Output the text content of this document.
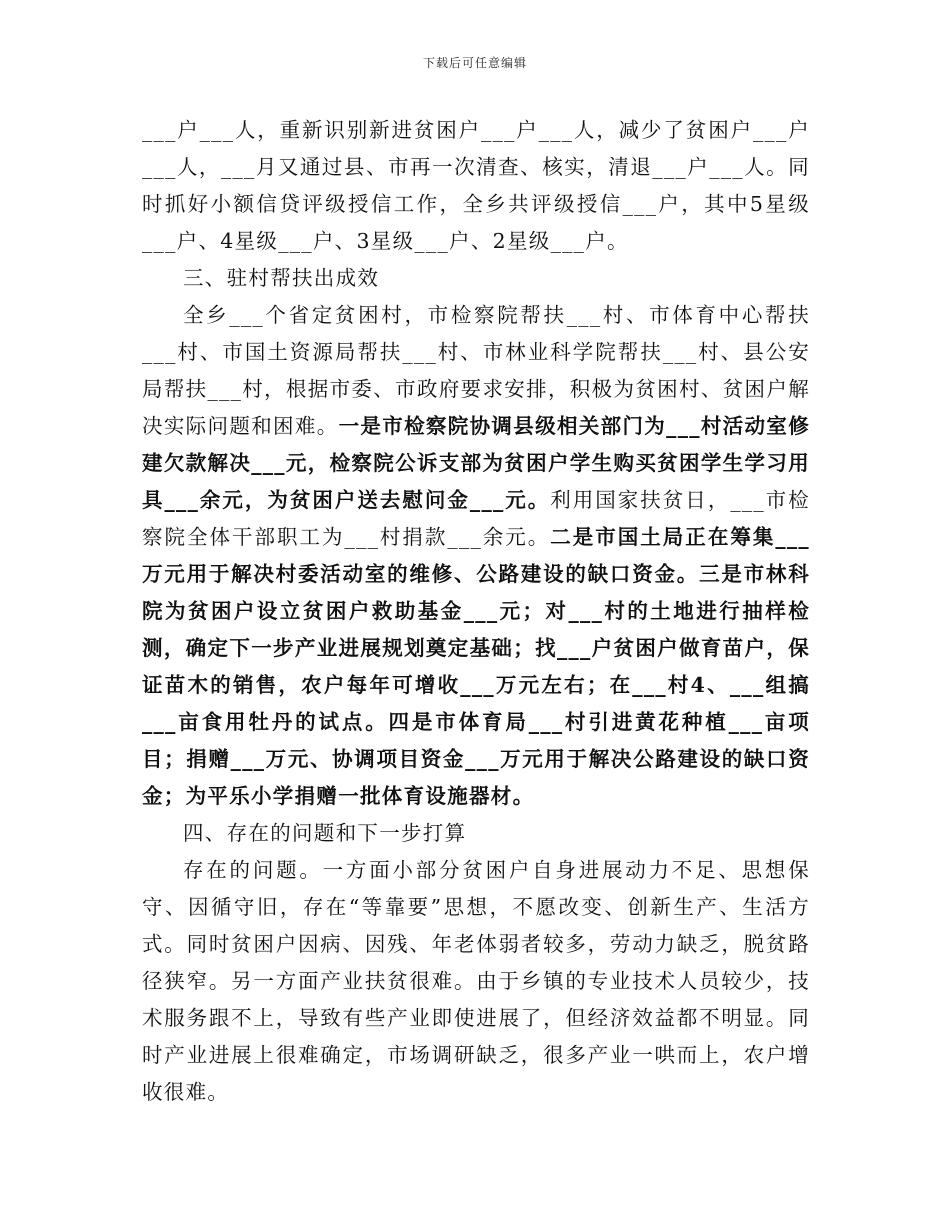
下载后可任意编辑

___户___人，重新识别新进贫困户___户___人，减少了贫困户___户___人，___月又通过县、市再一次清查、核实，清退___户___人。同时抓好小额信贷评级授信工作，全乡共评级授信___户，其中5星级___户、4星级___户、3星级___户、2星级___户。

三、驻村帮扶出成效

全乡___个省定贫困村，市检察院帮扶___村、市体育中心帮扶___村、市国土资源局帮扶___村、市林业科学院帮扶___村、县公安局帮扶___村，根据市委、市政府要求安排，积极为贫困村、贫困户解决实际问题和困难。一是市检察院协调县级相关部门为___村活动室修建欠款解决___元，检察院公诉支部为贫困户学生购买贫困学生学习用具___余元，为贫困户送去慰问金___元。利用国家扶贫日，___市检察院全体干部职工为___村捐款___余元。二是市国土局正在筹集___万元用于解决村委活动室的维修、公路建设的缺口资金。三是市林科院为贫困户设立贫困户救助基金___元；对___村的土地进行抽样检测，确定下一步产业进展规划奠定基础；找___户贫困户做育苗户，保证苗木的销售，农户每年可增收___万元左右；在___村4、___组搞___亩食用牡丹的试点。四是市体育局___村引进黄花种植___亩项目；捐赠___万元、协调项目资金___万元用于解决公路建设的缺口资金；为平乐小学捐赠一批体育设施器材。

四、存在的问题和下一步打算

存在的问题。一方面小部分贫困户自身进展动力不足、思想保守、因循守旧，存在“等靠要”思想，不愿改变、创新生产、生活方式。同时贫困户因病、因残、年老体弱者较多，劳动力缺乏，脱贫路径狭窄。另一方面产业扶贫很难。由于乡镇的专业技术人员较少，技术服务跟不上，导致有些产业即使进展了，但经济效益都不明显。同时产业进展上很难确定，市场调研缺乏，很多产业一哄而上，农户增收很难。
